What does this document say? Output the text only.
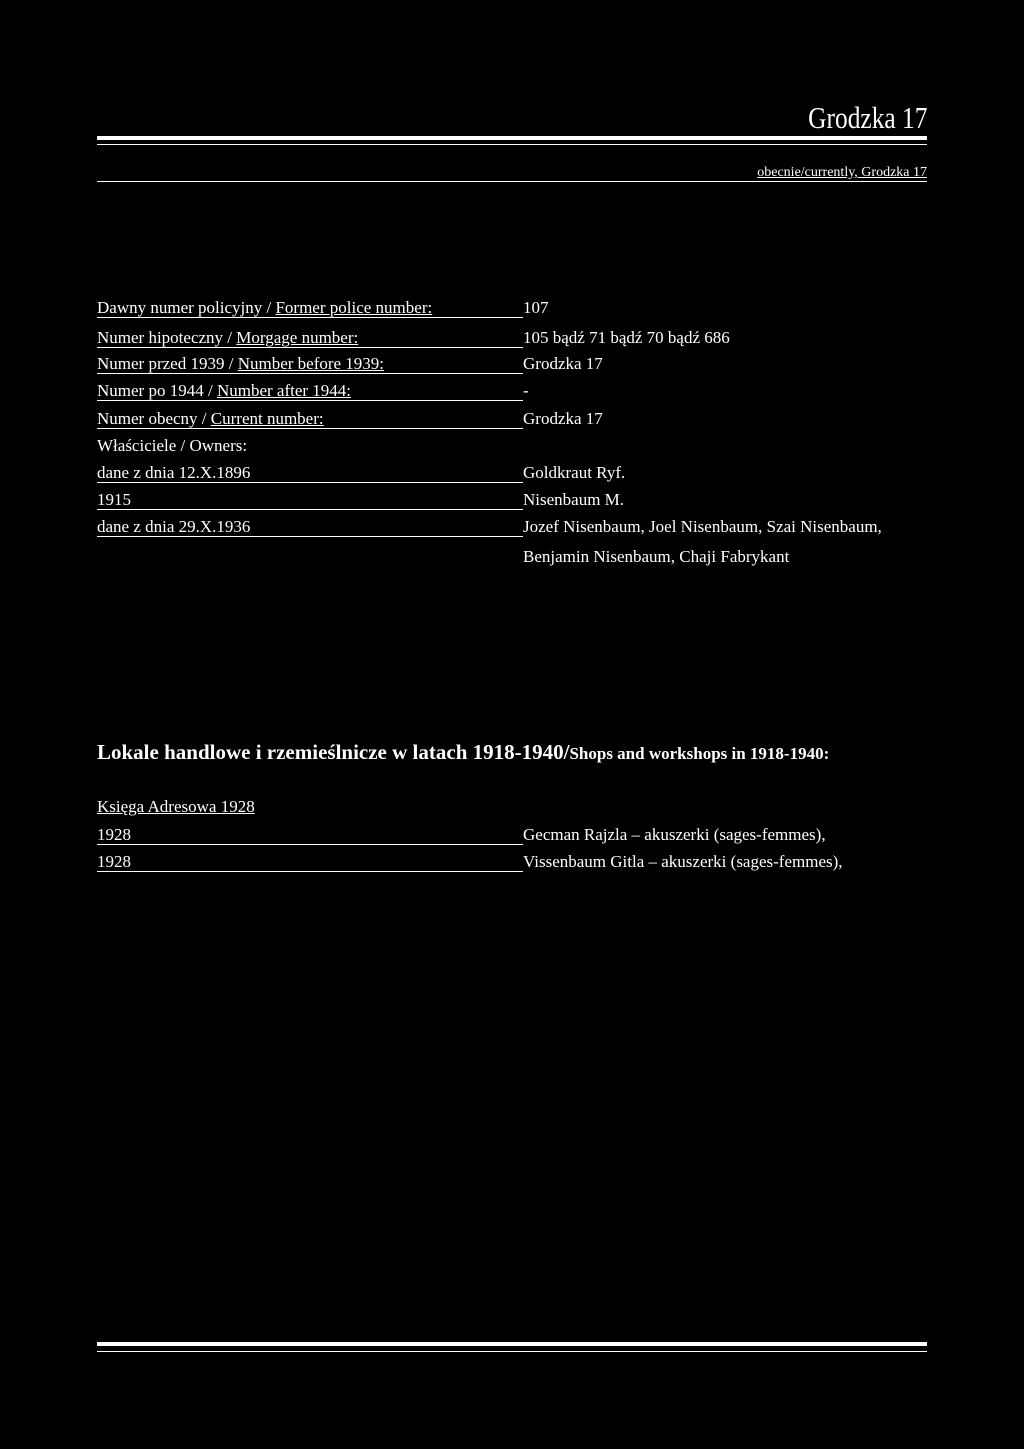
Grodzka 17
obecnie/currently, Grodzka 17
Dawny numer policyjny / Former police number:	107
Numer hipoteczny / Morgage number:	105 bądź 71 bądź 70 bądź 686
Numer przed 1939 / Number before 1939:	Grodzka 17
Numer po 1944 / Number after 1944:	-
Numer obecny / Current number:	Grodzka 17
Właściciele / Owners:
dane z dnia 12.X.1896	Goldkraut Ryf.
1915	Nisenbaum M.
dane z dnia 29.X.1936	Jozef Nisenbaum, Joel Nisenbaum, Szai Nisenbaum,
Benjamin Nisenbaum, Chaji Fabrykant
Lokale handlowe i rzemieślnicze w latach 1918-1940/Shops and workshops in 1918-1940:
Księga Adresowa 1928
1928	Gecman Rajzla – akuszerki (sages-femmes),
1928	Vissenbaum Gitla – akuszerki (sages-femmes),
